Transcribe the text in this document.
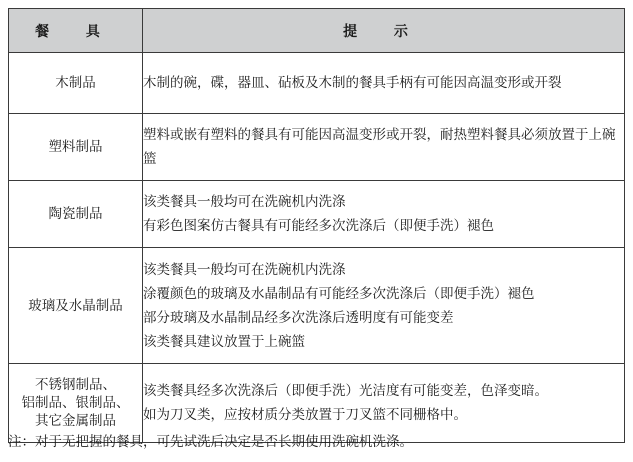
餐 具	提 示

木制品	木制的碗，碟，器皿、砧板及木制的餐具手柄有可能因高温变形或开裂

塑料制品	塑料或嵌有塑料的餐具有可能因高温变形或开裂，耐热塑料餐具必须放置于上碗篮

陶瓷制品	该类餐具一般均可在洗碗机内洗涤
有彩色图案仿古餐具有可能经多次洗涤后（即便手洗）褪色

玻璃及水晶制品	该类餐具一般均可在洗碗机内洗涤
涂覆颜色的玻璃及水晶制品有可能经多次洗涤后（即便手洗）褪色
部分玻璃及水晶制品经多次洗涤后透明度有可能变差
该类餐具建议放置于上碗篮

不锈钢制品、
铝制品、银制品、
其它金属制品	该类餐具经多次洗涤后（即便手洗）光洁度有可能变差，色泽变暗。
如为刀叉类，应按材质分类放置于刀叉篮不同栅格中。
注：对于无把握的餐具，可先试洗后决定是否长期使用洗碗机洗涤。
